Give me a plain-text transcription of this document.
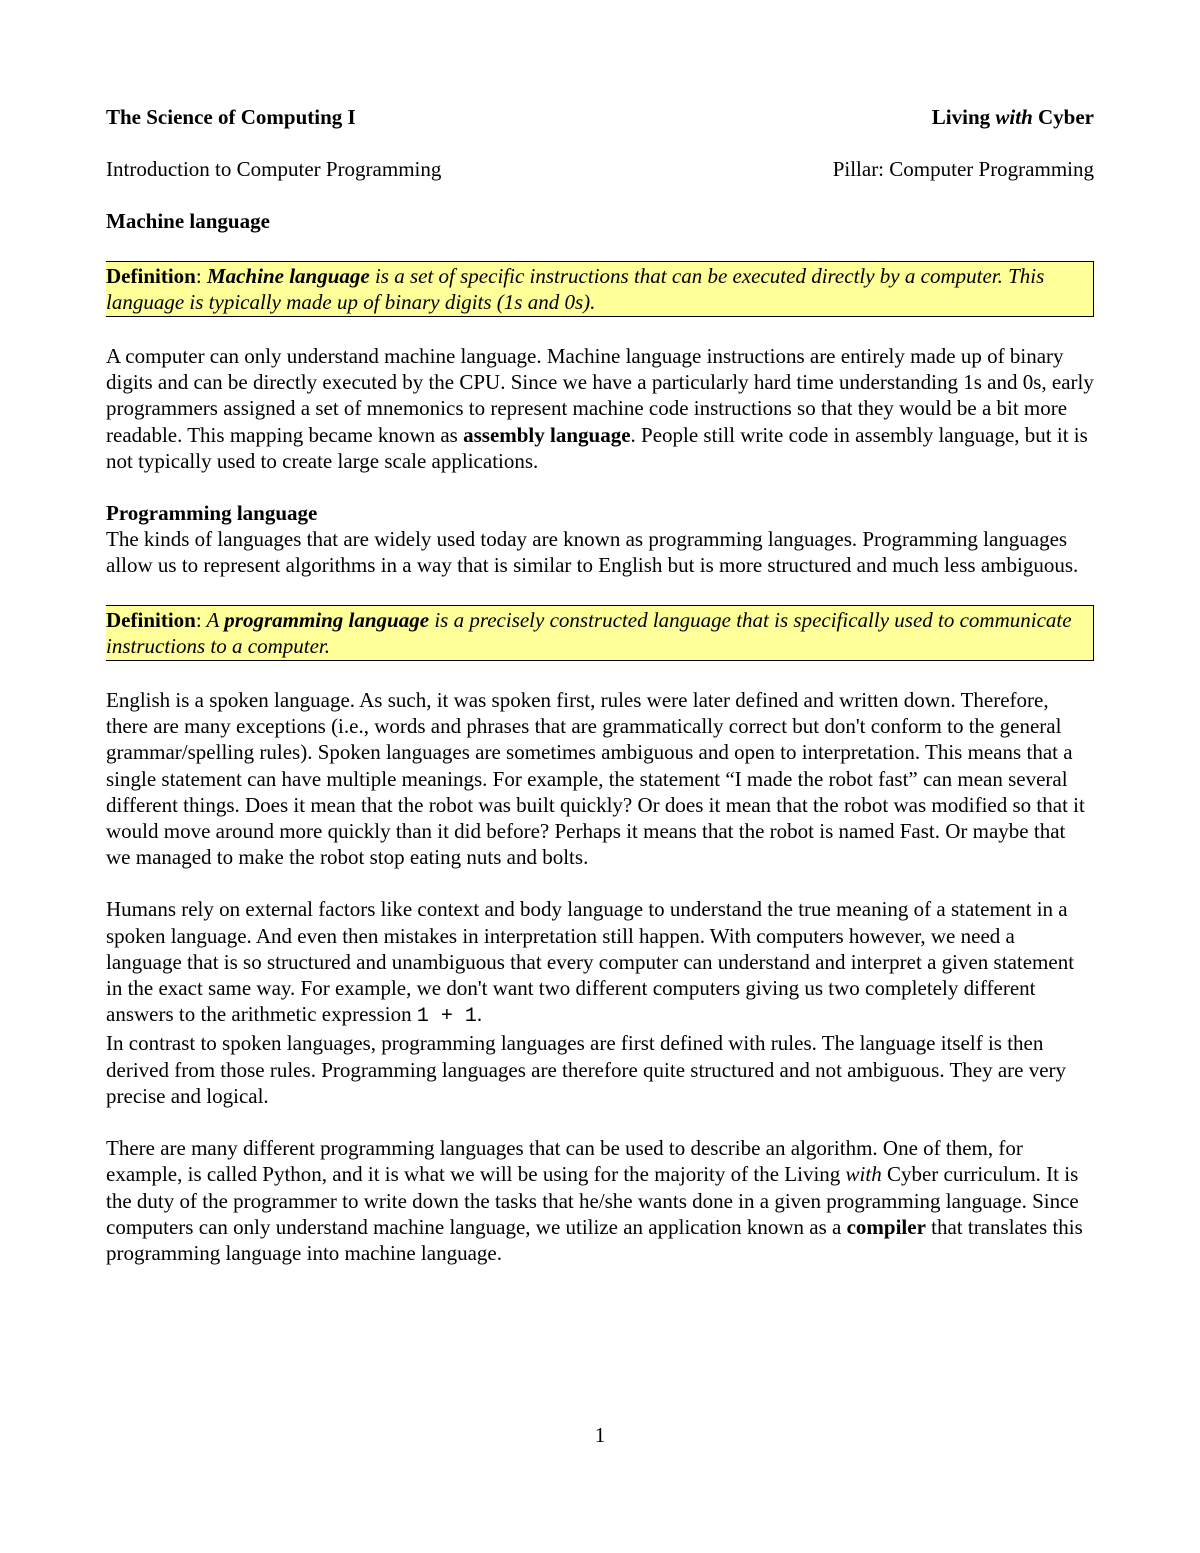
The Science of Computing I	Living with Cyber
Introduction to Computer Programming	Pillar: Computer Programming
Machine language
Definition: Machine language is a set of specific instructions that can be executed directly by a computer. This language is typically made up of binary digits (1s and 0s).

A computer can only understand machine language. Machine language instructions are entirely made up of binary digits and can be directly executed by the CPU. Since we have a particularly hard time understanding 1s and 0s, early programmers assigned a set of mnemonics to represent machine code instructions so that they would be a bit more readable. This mapping became known as assembly language. People still write code in assembly language, but it is not typically used to create large scale applications.

Programming language

The kinds of languages that are widely used today are known as programming languages. Programming languages allow us to represent algorithms in a way that is similar to English but is more structured and much less ambiguous.

Definition: A programming language is a precisely constructed language that is specifically used to communicate instructions to a computer.

English is a spoken language. As such, it was spoken first, rules were later defined and written down. Therefore, there are many exceptions (i.e., words and phrases that are grammatically correct but don't conform to the general grammar/spelling rules). Spoken languages are sometimes ambiguous and open to interpretation. This means that a single statement can have multiple meanings. For example, the statement “I made the robot fast” can mean several different things. Does it mean that the robot was built quickly? Or does it mean that the robot was modified so that it would move around more quickly than it did before? Perhaps it means that the robot is named Fast. Or maybe that we managed to make the robot stop eating nuts and bolts.

Humans rely on external factors like context and body language to understand the true meaning of a statement in a spoken language. And even then mistakes in interpretation still happen. With computers however, we need a language that is so structured and unambiguous that every computer can understand and interpret a given statement in the exact same way. For example, we don't want two different computers giving us two completely different answers to the arithmetic expression 1 + 1.

In contrast to spoken languages, programming languages are first defined with rules. The language itself is then derived from those rules. Programming languages are therefore quite structured and not ambiguous. They are very precise and logical.

There are many different programming languages that can be used to describe an algorithm. One of them, for example, is called Python, and it is what we will be using for the majority of the Living with Cyber curriculum. It is the duty of the programmer to write down the tasks that he/she wants done in a given programming language. Since computers can only understand machine language, we utilize an application known as a compiler that translates this programming language into machine language.

1
